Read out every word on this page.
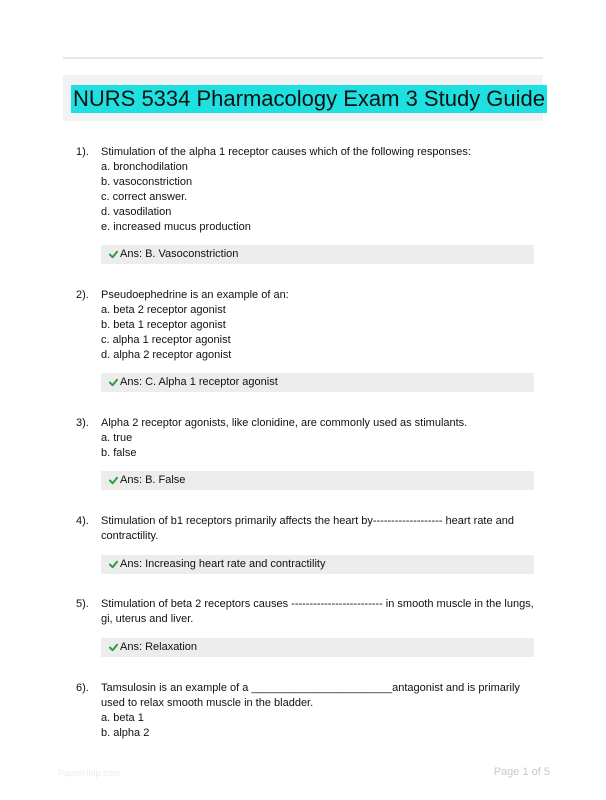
NURS 5334 Pharmacology Exam 3 Study Guide
1). Stimulation of the alpha 1 receptor causes which of the following responses:
a. bronchodilation
b. vasoconstriction
c. correct answer.
d. vasodilation
e. increased mucus production
Ans: B. Vasoconstriction
2). Pseudoephedrine is an example of an:
a. beta 2 receptor agonist
b. beta 1 receptor agonist
c. alpha 1 receptor agonist
d. alpha 2 receptor agonist
Ans: C. Alpha 1 receptor agonist
3). Alpha 2 receptor agonists, like clonidine, are commonly used as stimulants.
a. true
b. false
Ans: B. False
4). Stimulation of b1 receptors primarily affects the heart by------------------- heart rate and contractility.
Ans: Increasing heart rate and contractility
5). Stimulation of beta 2 receptors causes ------------------------- in smooth muscle in the lungs, gi, uterus and liver.
Ans: Relaxation
6). Tamsulosin is an example of a _______________________antagonist and is primarily used to relax smooth muscle in the bladder.
a. beta 1
b. alpha 2
PaperHelp.com	Page 1 of 5
